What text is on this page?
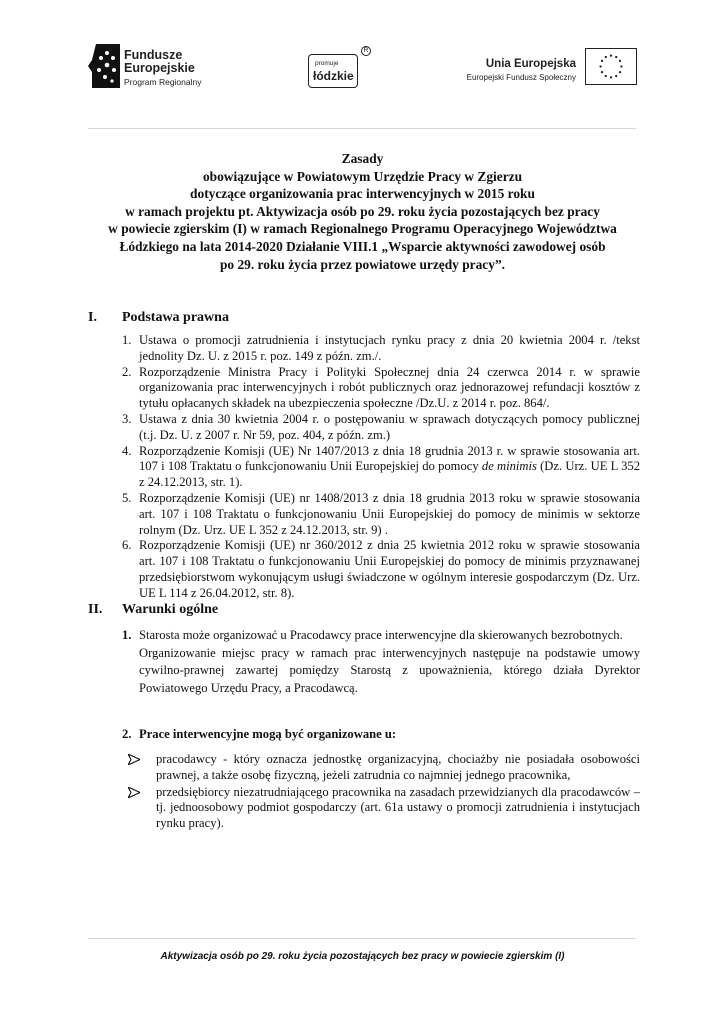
Fundusze
Europejskie
Program Regionalny
promuje
łódzkie
R
Unia Europejska
Europejski Fundusz Społeczny
Zasady
obowiązujące w Powiatowym Urzędzie Pracy w Zgierzu
dotyczące organizowania prac interwencyjnych w 2015 roku
w ramach projektu pt. Aktywizacja osób po 29. roku życia pozostających bez pracy
w powiecie zgierskim (I) w ramach Regionalnego Programu Operacyjnego Województwa
Łódzkiego na lata 2014-2020 Działanie VIII.1 „Wsparcie aktywności zawodowej osób
po 29. roku życia przez powiatowe urzędy pracy”.
I. Podstawa prawna
1. Ustawa o promocji zatrudnienia i instytucjach rynku pracy z dnia 20 kwietnia 2004 r. /tekst jednolity Dz. U. z 2015 r. poz. 149 z późn. zm./.
2. Rozporządzenie Ministra Pracy i Polityki Społecznej dnia 24 czerwca 2014 r. w sprawie organizowania prac interwencyjnych i robót publicznych oraz jednorazowej refundacji kosztów z tytułu opłacanych składek na ubezpieczenia społeczne /Dz.U. z 2014 r. poz. 864/.
3. Ustawa z dnia 30 kwietnia 2004 r. o postępowaniu w sprawach dotyczących pomocy publicznej (t.j. Dz. U. z 2007 r. Nr 59, poz. 404, z późn. zm.)
4. Rozporządzenie Komisji (UE) Nr 1407/2013 z dnia 18 grudnia 2013 r. w sprawie stosowania art. 107 i 108 Traktatu o funkcjonowaniu Unii Europejskiej do pomocy de minimis (Dz. Urz. UE L 352 z 24.12.2013, str. 1).
5. Rozporządzenie Komisji (UE) nr 1408/2013 z dnia 18 grudnia 2013 roku w sprawie stosowania art. 107 i 108 Traktatu o funkcjonowaniu Unii Europejskiej do pomocy de minimis w sektorze rolnym (Dz. Urz. UE L 352 z 24.12.2013, str. 9) .
6. Rozporządzenie Komisji (UE) nr 360/2012 z dnia 25 kwietnia 2012 roku w sprawie stosowania art. 107 i 108 Traktatu o funkcjonowaniu Unii Europejskiej do pomocy de minimis przyznawanej przedsiębiorstwom wykonującym usługi świadczone w ogólnym interesie gospodarczym (Dz. Urz. UE L 114 z 26.04.2012, str. 8).
II. Warunki ogólne
1. Starosta może organizować u Pracodawcy prace interwencyjne dla skierowanych bezrobotnych.
Organizowanie miejsc pracy w ramach prac interwencyjnych następuje na podstawie umowy cywilno-prawnej zawartej pomiędzy Starostą z upoważnienia, którego działa Dyrektor Powiatowego Urzędu Pracy, a Pracodawcą.
2. Prace interwencyjne mogą być organizowane u:
pracodawcy - który oznacza jednostkę organizacyjną, chociażby nie posiadała osobowości prawnej, a także osobę fizyczną, jeżeli zatrudnia co najmniej jednego pracownika,
przedsiębiorcy niezatrudniającego pracownika na zasadach przewidzianych dla pracodawców – tj. jednoosobowy podmiot gospodarczy (art. 61a ustawy o promocji zatrudnienia i instytucjach rynku pracy).
Aktywizacja osób po 29. roku życia pozostających bez pracy w powiecie zgierskim (I)
